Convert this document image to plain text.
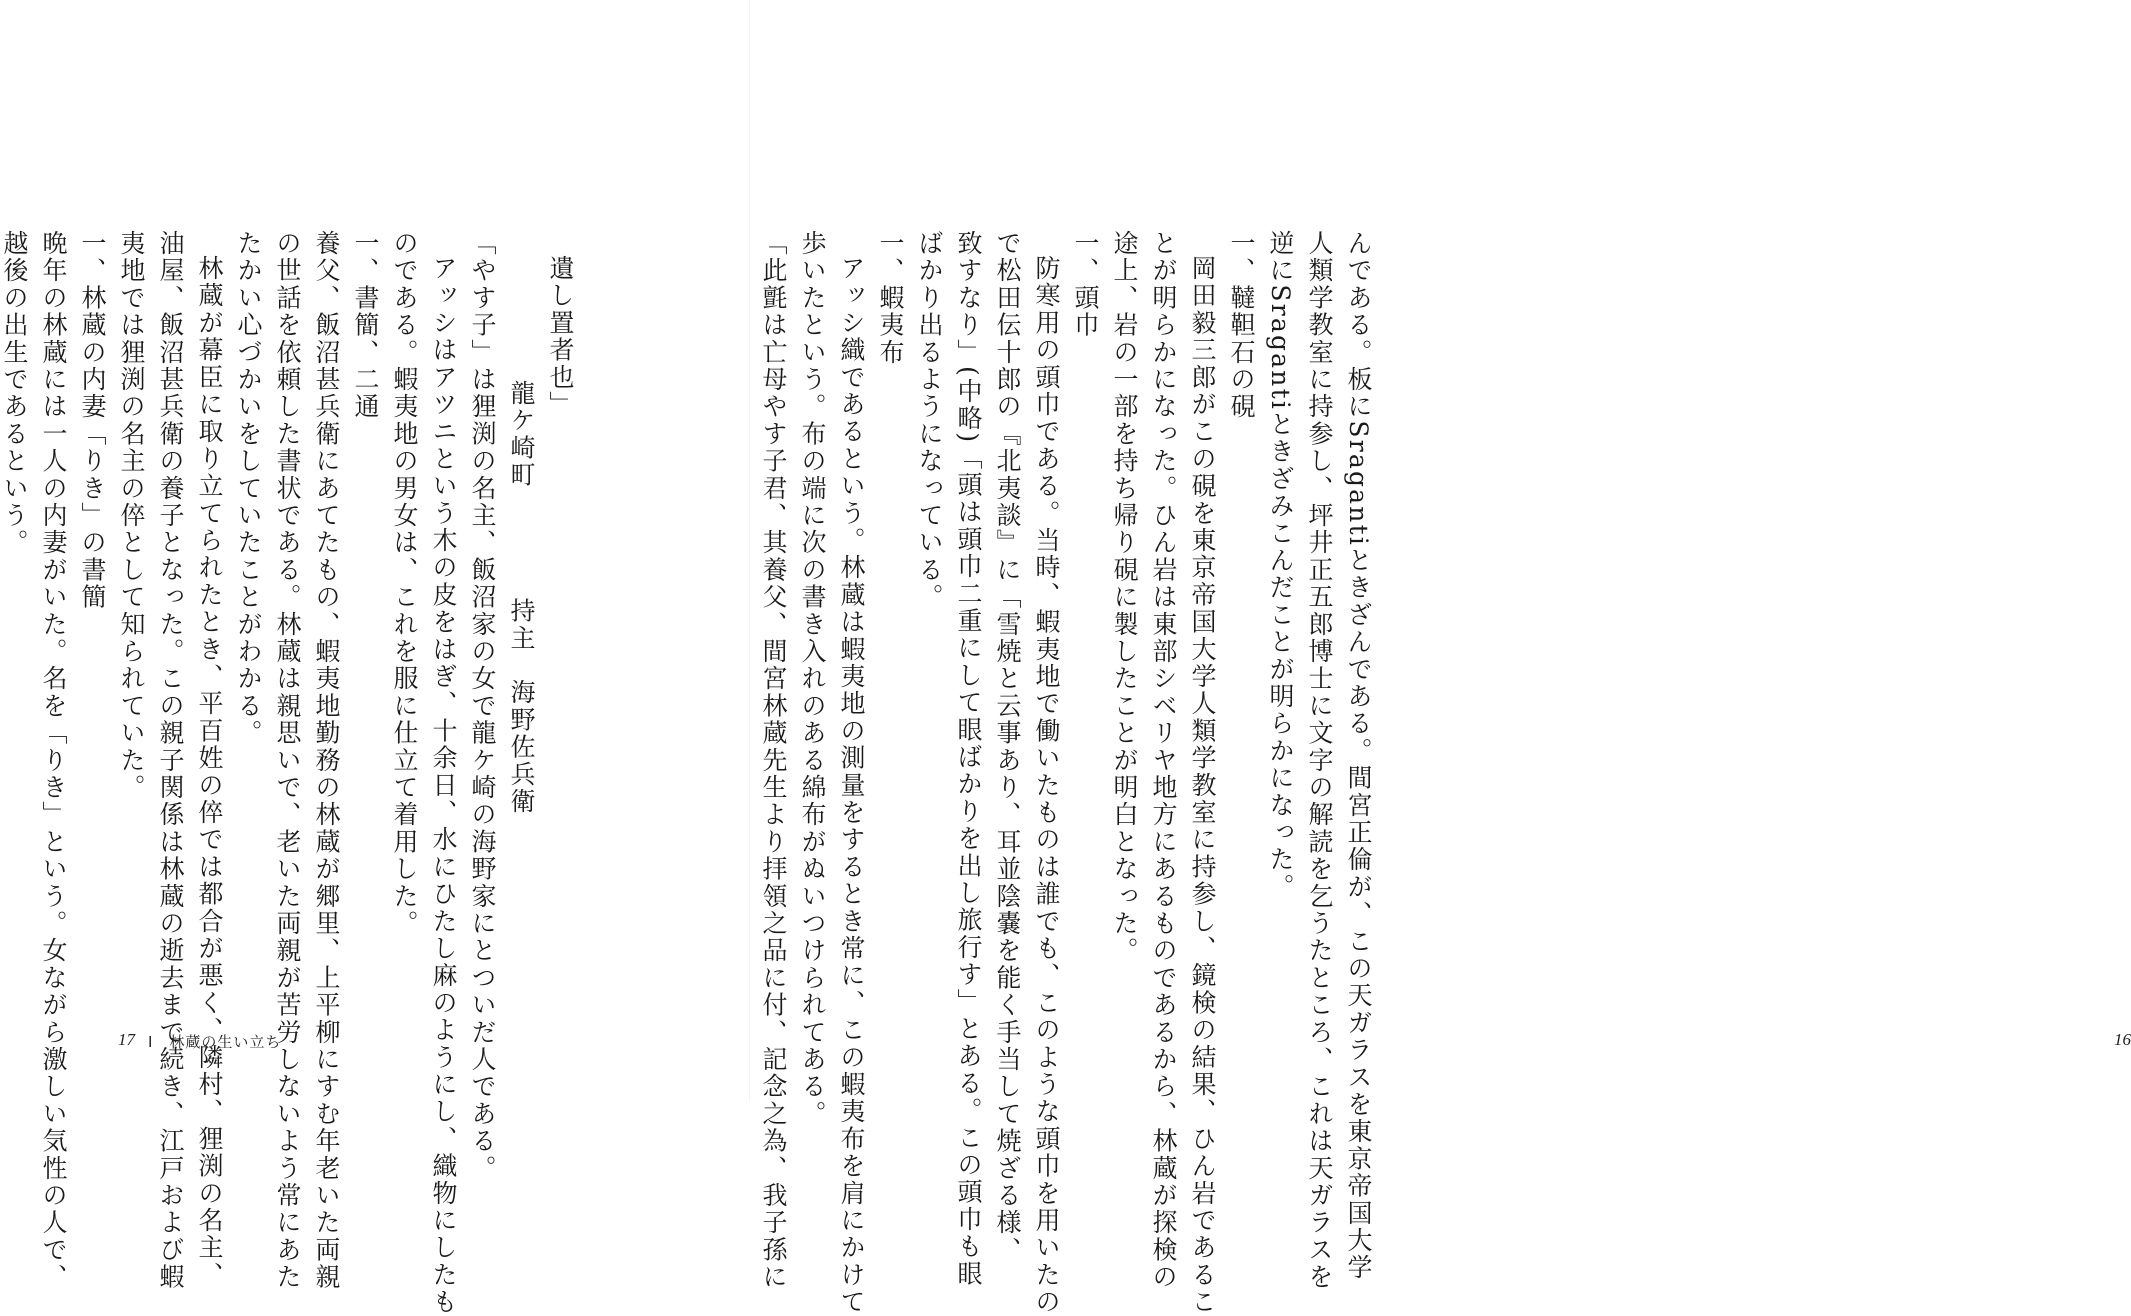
遺し置者也」
龍ケ崎町　　　　持主　海野佐兵衛
「やす子」は狸渕の名主、飯沼家の女で龍ケ崎の海野家にとついだ人である。
アッシはアツニという木の皮をはぎ、十余日、水にひたし麻のようにし、織物にしたも
のである。蝦夷地の男女は、これを服に仕立て着用した。
一、書簡、二通
養父、飯沼甚兵衛にあてたもの、蝦夷地勤務の林蔵が郷里、上平柳にすむ年老いた両親
の世話を依頼した書状である。林蔵は親思いで、老いた両親が苦労しないよう常にあた
たかい心づかいをしていたことがわかる。
林蔵が幕臣に取り立てられたとき、平百姓の倅では都合が悪く、隣村、狸渕の名主、
油屋、飯沼甚兵衛の養子となった。この親子関係は林蔵の逝去まで続き、江戸および蝦
夷地では狸渕の名主の倅として知られていた。
一、林蔵の内妻「りき」の書簡
晩年の林蔵には一人の内妻がいた。名を「りき」という。女ながら激しい気性の人で、
越後の出生であるという。
17 Ⅰ　林蔵の生い立ち	んである。板にSragantiときざんである。間宮正倫が、この天ガラスを東京帝国大学
人類学教室に持参し、坪井正五郎博士に文字の解読を乞うたところ、これは天ガラスを
逆にSragantiときざみこんだことが明らかになった。
一、韃靼石の硯
岡田毅三郎がこの硯を東京帝国大学人類学教室に持参し、鏡検の結果、ひん岩であるこ
とが明らかになった。ひん岩は東部シベリヤ地方にあるものであるから、林蔵が探検の
途上、岩の一部を持ち帰り硯に製したことが明白となった。
一、頭巾
防寒用の頭巾である。当時、蝦夷地で働いたものは誰でも、このような頭巾を用いたの
で松田伝十郎の『北夷談』に「雪焼と云事あり、耳並陰嚢を能く手当して焼ざる様、
致すなり」(中略)「頭は頭巾二重にして眼ばかりを出し旅行す」とある。この頭巾も眼
ばかり出るようになっている。
一、蝦夷布
アッシ織であるという。林蔵は蝦夷地の測量をするとき常に、この蝦夷布を肩にかけて
歩いたという。布の端に次の書き入れのある綿布がぬいつけられてある。
「此氈は亡母やす子君、其養父、間宮林蔵先生より拝領之品に付、記念之為、我子孫に	16
